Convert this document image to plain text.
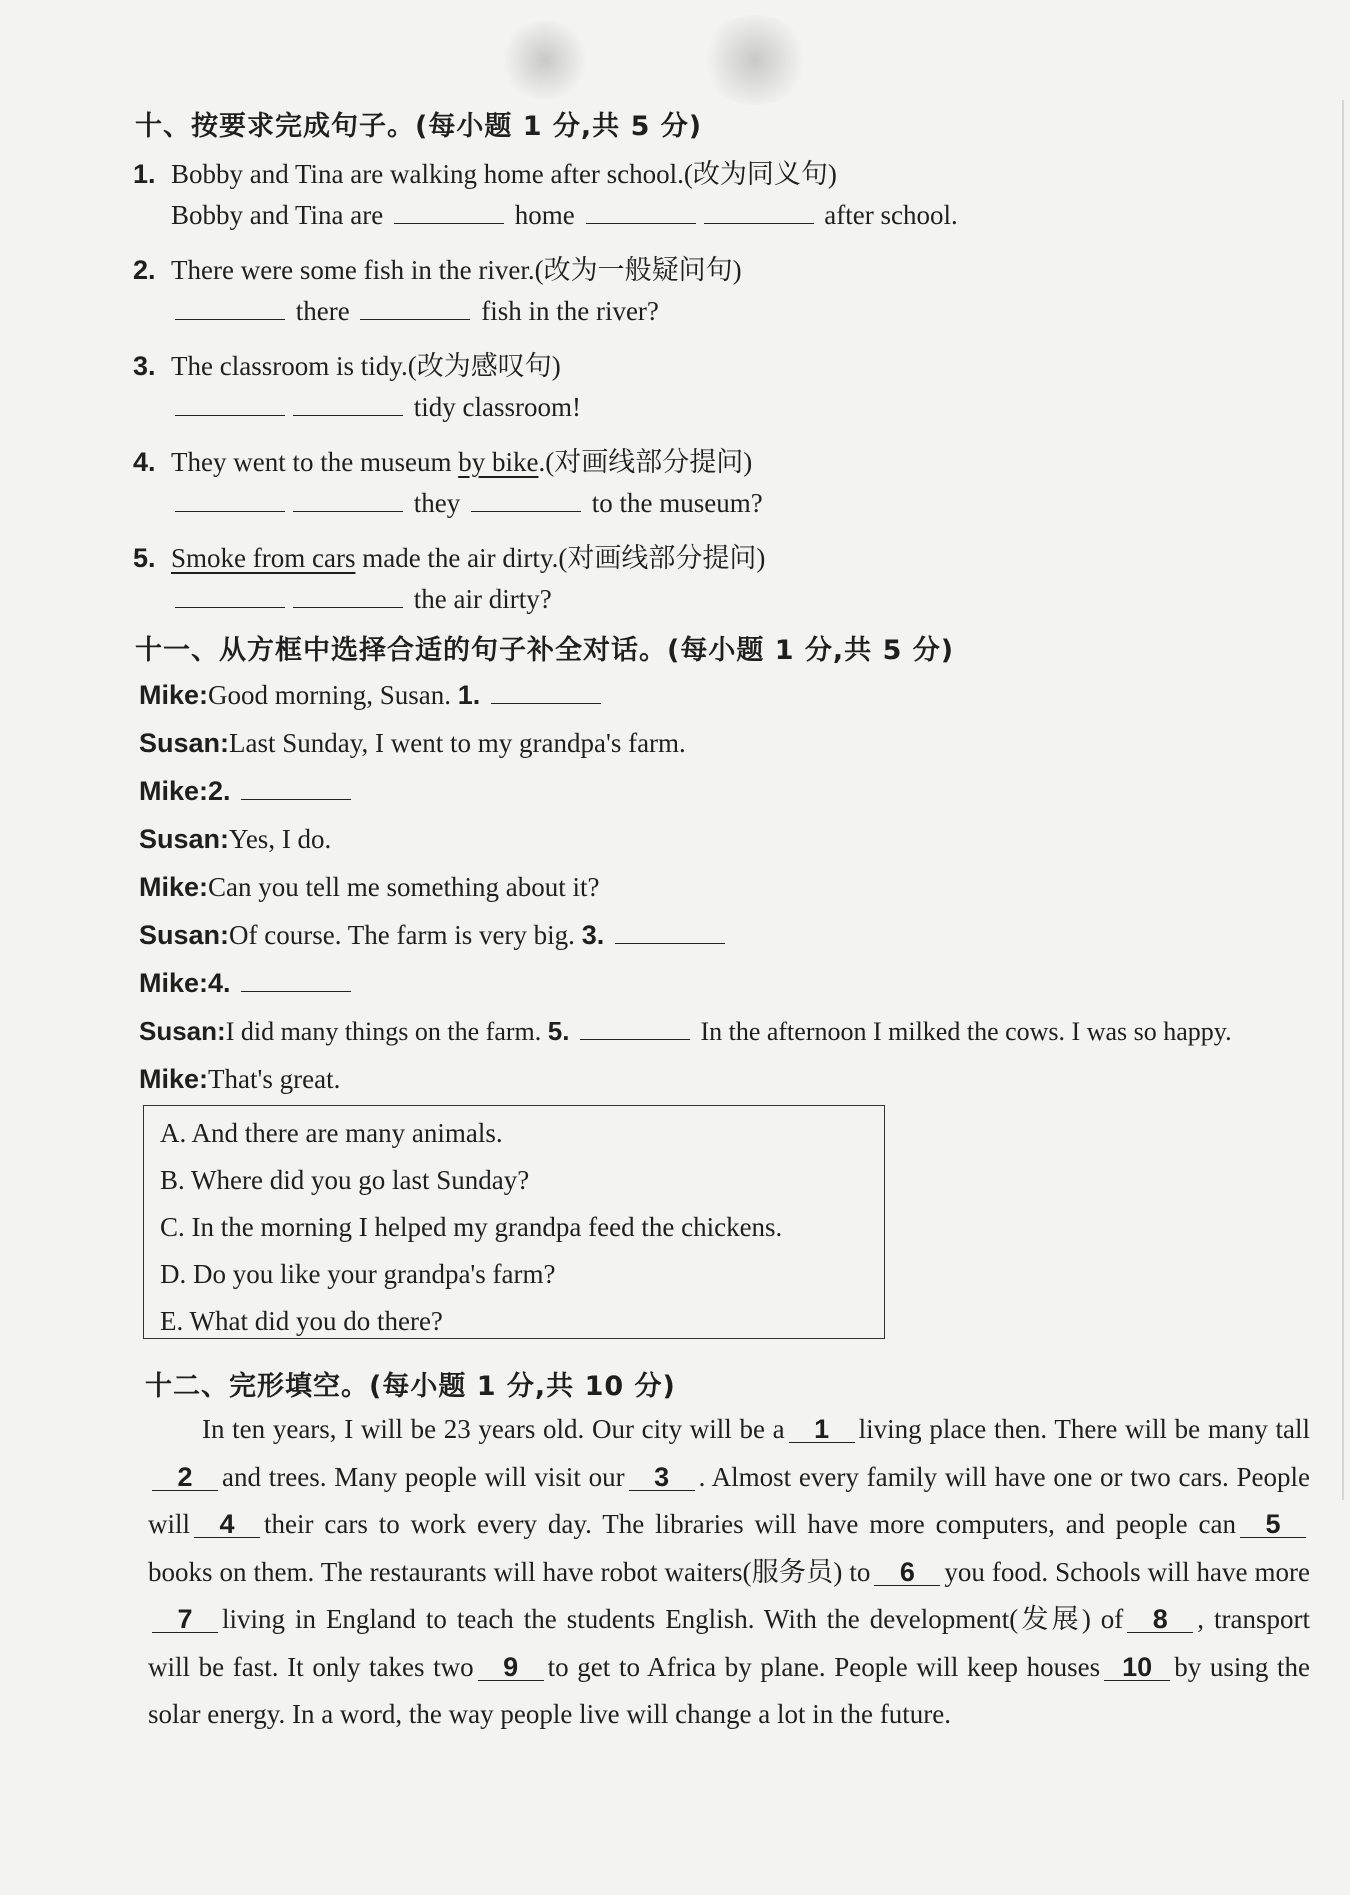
十、按要求完成句子。(每小题 1 分,共 5 分)
1. Bobby and Tina are walking home after school.(改为同义句)
Bobby and Tina are	home	after school.
2. There were some fish in the river.(改为一般疑问句)
there	fish in the river?
3. The classroom is tidy.(改为感叹句)
tidy classroom!
4. They went to the museum by bike.(对画线部分提问)
they	to the museum?
5. Smoke from cars made the air dirty.(对画线部分提问)
the air dirty?
十一、从方框中选择合适的句子补全对话。(每小题 1 分,共 5 分)
Mike:Good morning, Susan. 1.
Susan:Last Sunday, I went to my grandpa's farm.
Mike:2.
Susan:Yes, I do.
Mike:Can you tell me something about it?
Susan:Of course. The farm is very big. 3.
Mike:4.
Susan:I did many things on the farm. 5.	In the afternoon I milked the cows. I was so happy.
Mike:That's great.
A. And there are many animals.
B. Where did you go last Sunday?
C. In the morning I helped my grandpa feed the chickens.
D. Do you like your grandpa's farm?
E. What did you do there?
十二、完形填空。(每小题 1 分,共 10 分)
In ten years, I will be 23 years old. Our city will be a 1 living place then. There will be many tall2 and trees. Many people will visit our 3 . Almost every family will have one or two cars. People will 4 their cars to work every day. The libraries will have more computers, and people can 5books on them. The restaurants will have robot waiters(服务员) to 6 you food. Schools will have more7 living in England to teach the students English. With the development(发展) of 8 , transport will be fast. It only takes two 9 to get to Africa by plane. People will keep houses 10 by using the solar energy. In a word, the way people live will change a lot in the future.
